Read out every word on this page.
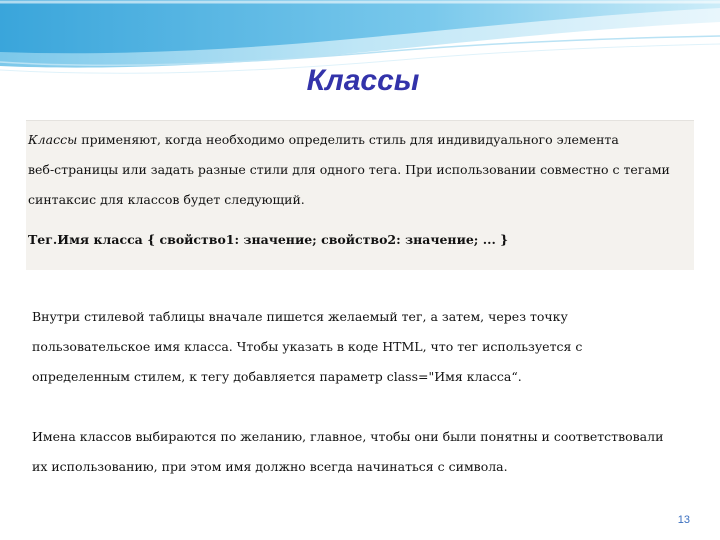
Классы
Классы применяют, когда необходимо определить стиль для индивидуального элемента
веб-страницы или задать разные стили для одного тега. При использовании совместно с тегами
синтаксис для классов будет следующий.
Тег.Имя класса { свойство1: значение; свойство2: значение; ... }
Внутри стилевой таблицы вначале пишется желаемый тег, а затем, через точку
пользовательское имя класса. Чтобы указать в коде HTML, что тег используется с
определенным стилем, к тегу добавляется параметр class="Имя класса“.
Имена классов выбираются по желанию, главное, чтобы они были понятны и соответствовали
их использованию, при этом имя должно всегда начинаться с символа.
13
